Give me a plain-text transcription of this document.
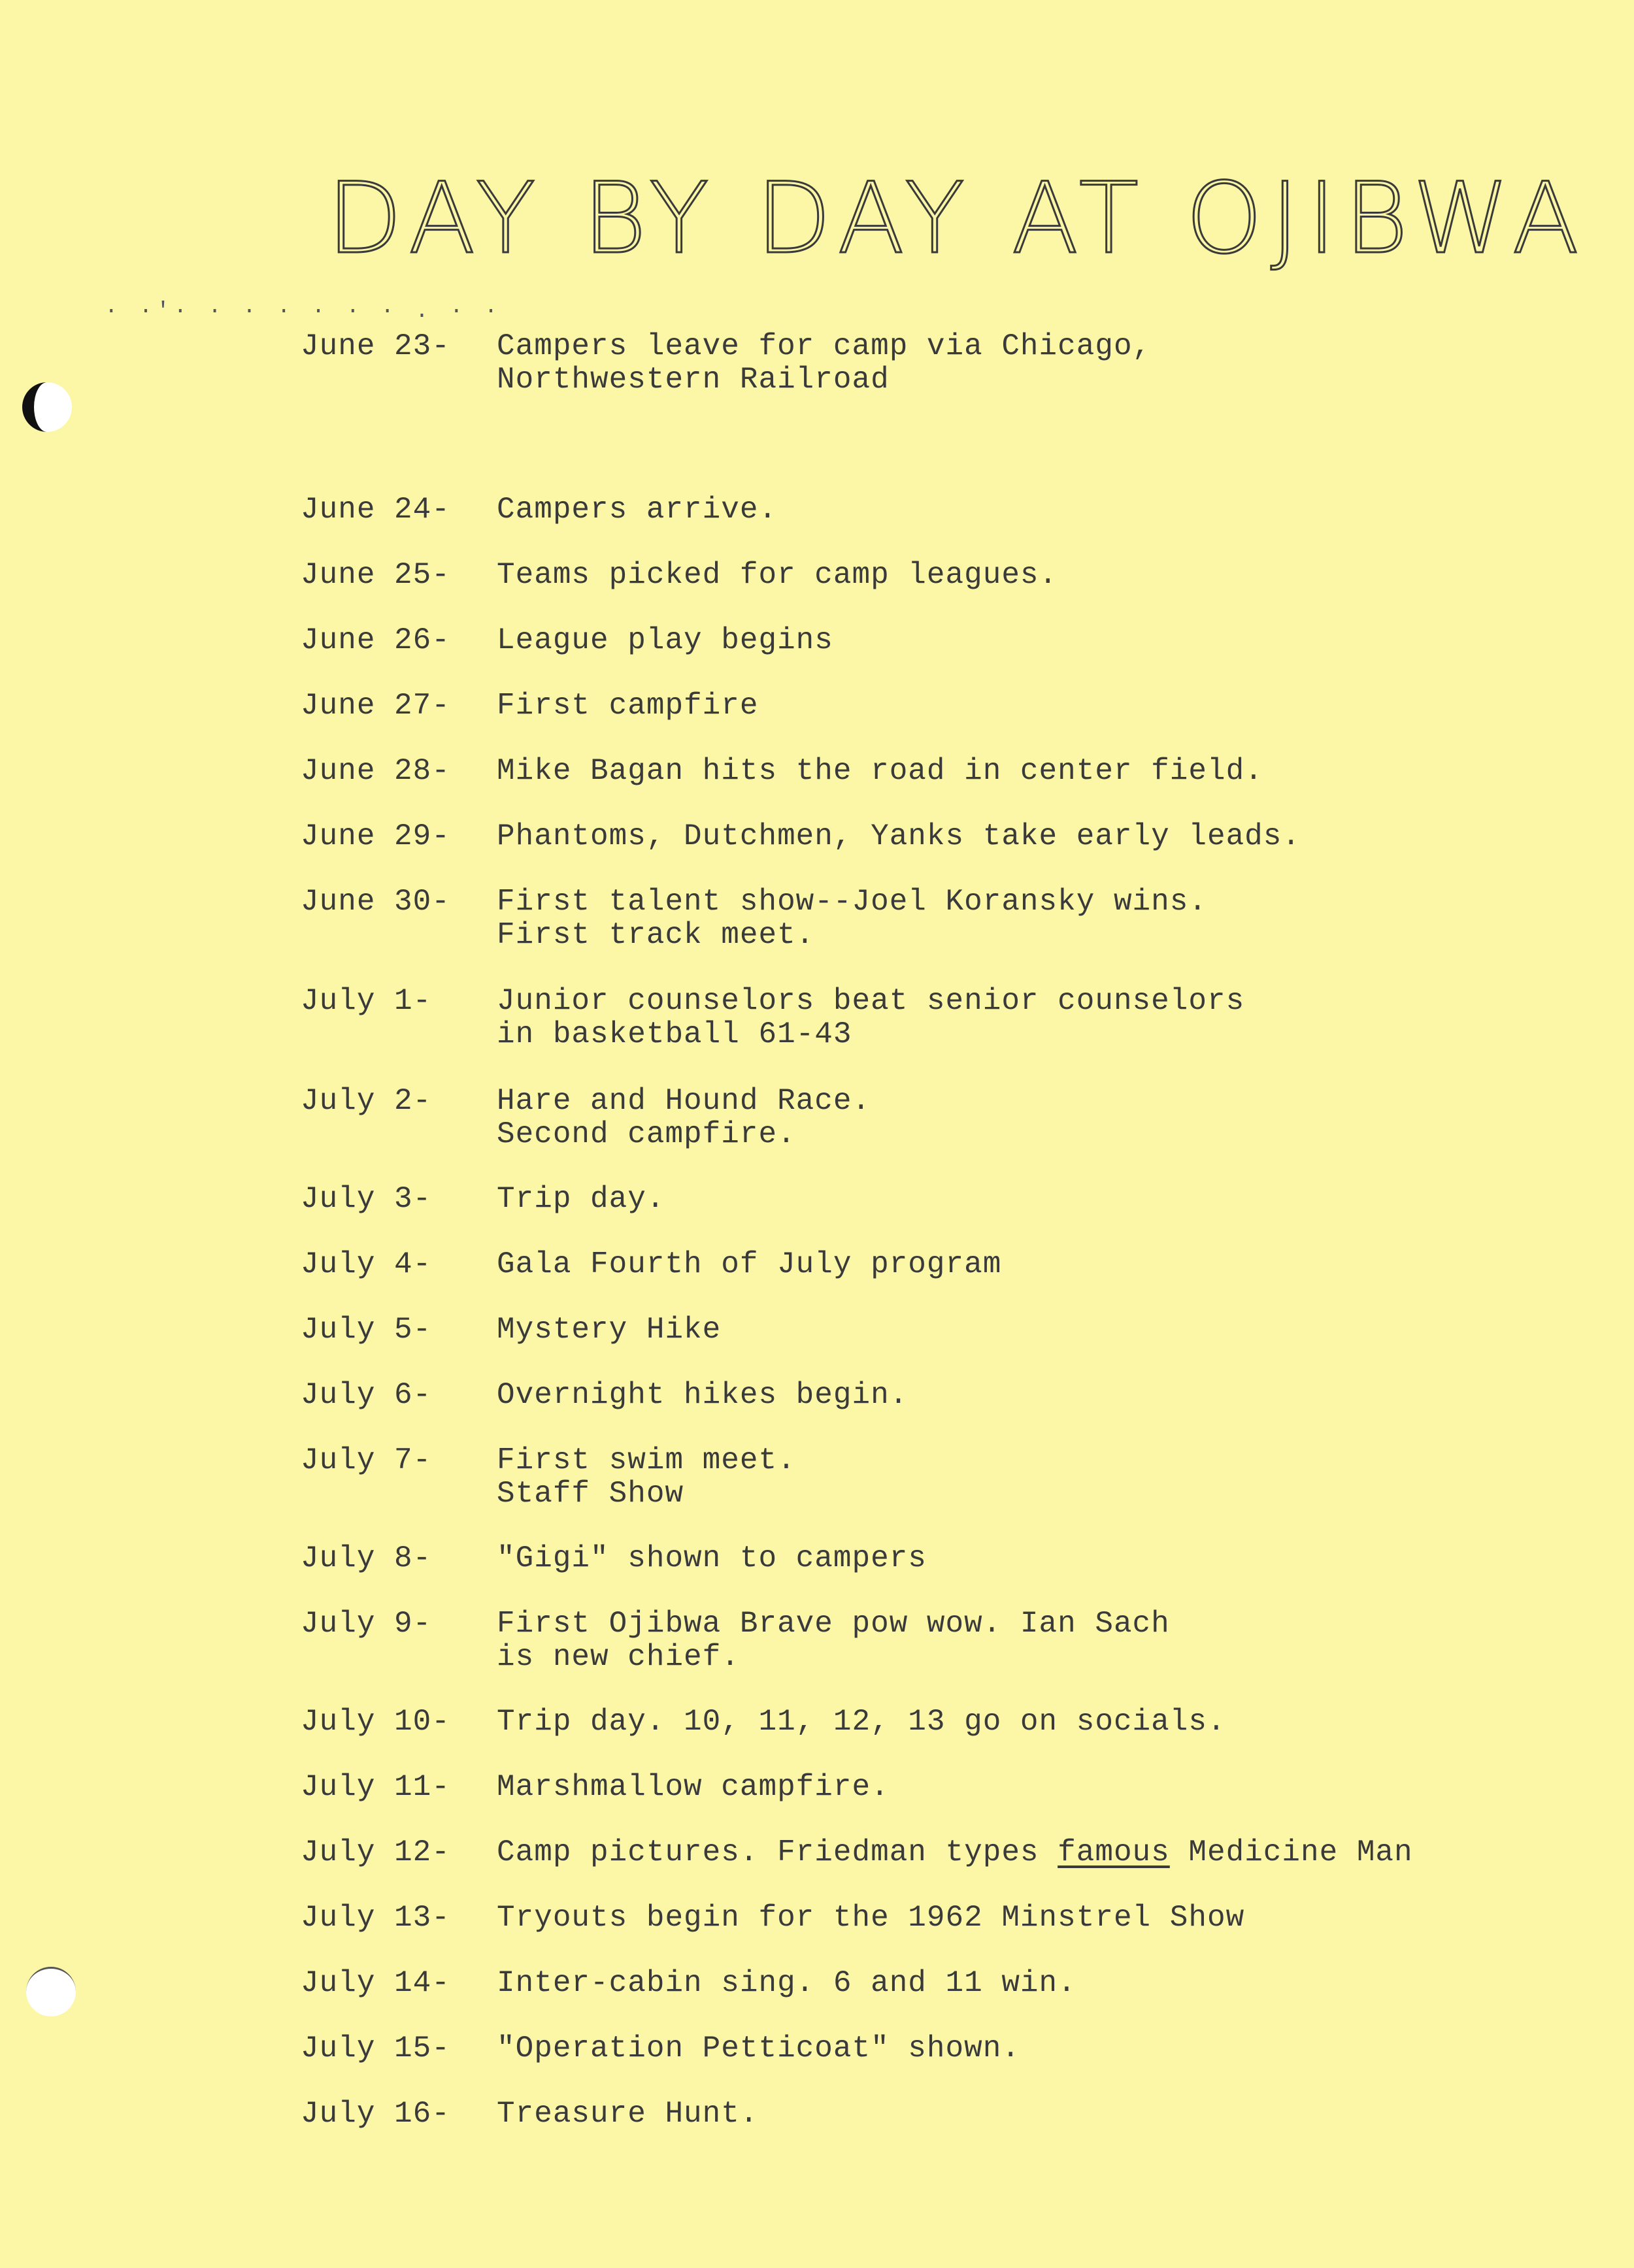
DAY BY DAY AT OJIBWA
· ·'· · · · · · · . · ·
June 23-	Campers leave for camp via Chicago,
Northwestern Railroad
June 24-	Campers arrive.
June 25-	Teams picked for camp leagues.
June 26-	League play begins
June 27-	First campfire
June 28-	Mike Bagan hits the road in center field.
June 29-	Phantoms, Dutchmen, Yanks take early leads.
June 30-	First talent show--Joel Koransky wins.
First track meet.
July 1-	Junior counselors beat senior counselors
in basketball 61-43
July 2-	Hare and Hound Race.
Second campfire.
July 3-	Trip day.
July 4-	Gala Fourth of July program
July 5-	Mystery Hike
July 6-	Overnight hikes begin.
July 7-	First swim meet.
Staff Show
July 8-	"Gigi" shown to campers
July 9-	First Ojibwa Brave pow wow. Ian Sach
is new chief.
July 10-	Trip day. 10, 11, 12, 13 go on socials.
July 11-	Marshmallow campfire.
July 12-	Camp pictures. Friedman types famous Medicine Man
July 13-	Tryouts begin for the 1962 Minstrel Show
July 14-	Inter-cabin sing. 6 and 11 win.
July 15-	"Operation Petticoat" shown.
July 16-	Treasure Hunt.
